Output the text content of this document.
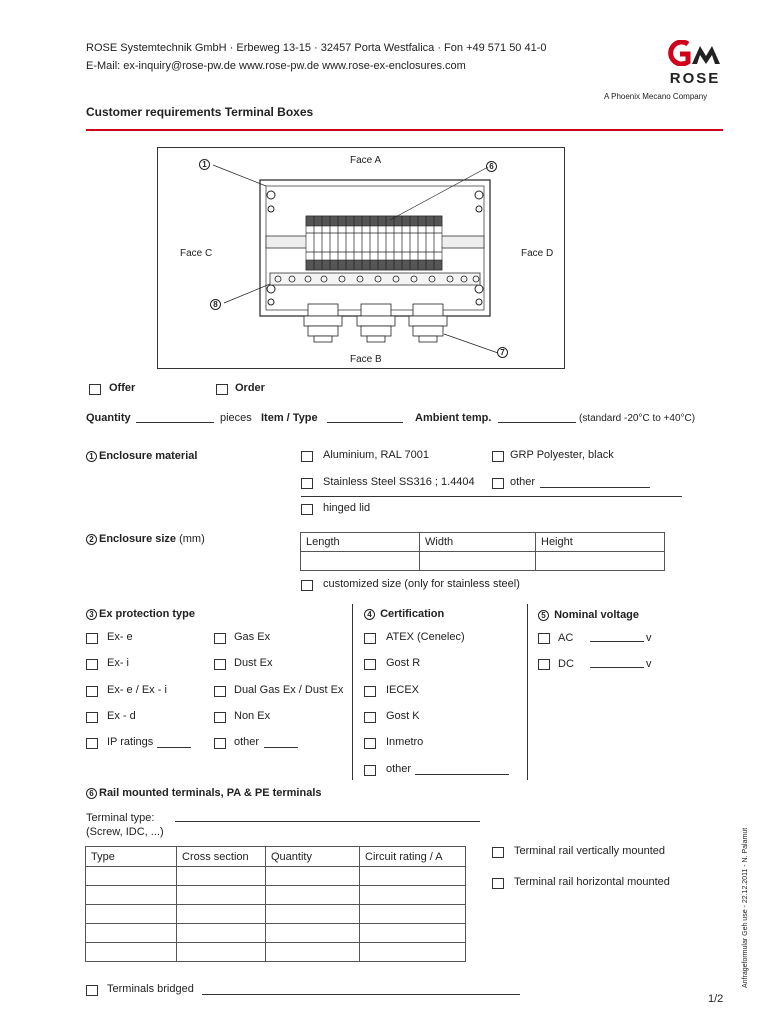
ROSE Systemtechnik GmbH · Erbeweg 13-15 · 32457 Porta Westfalica · Fon +49 571 50 41-0
E-Mail: ex-inquiry@rose-pw.de www.rose-pw.de www.rose-ex-enclosures.com
ROSE
A Phoenix Mecano Company
Customer requirements Terminal Boxes
Face A
Face C	Face D
Face B
1	6
8
7
Offer	Order
Quantity	pieces Item / Type	Ambient temp.	(standard -20°C to +40°C)
1 Enclosure material	Aluminium, RAL 7001	GRP Polyester, black
Stainless Steel SS316 ; 1.4404	other
hinged lid
2 Enclosure size (mm)	Length	Width	Height

customized size (only for stainless steel)
3 Ex protection type	4 Certification	5 Nominal voltage
Ex- e
Ex- i
Ex- e / Ex - i
Ex - d
IP ratings
Gas Ex
Dust Ex
Dual Gas Ex / Dust Ex
Non Ex
other
ATEX (Cenelec)
Gost R
IECEX
Gost K
Inmetro
other
AC	v
DC	v
6 Rail mounted terminals, PA & PE terminals
Terminal type:
(Screw, IDC, ...)
Type	Cross section	Quantity	Circuit rating / A

				Terminal rail vertically mounted
Terminal rail horizontal mounted
Terminals bridged
Anfrageformular Geh use - 22.12.2011 - N. Palamut
1/2
